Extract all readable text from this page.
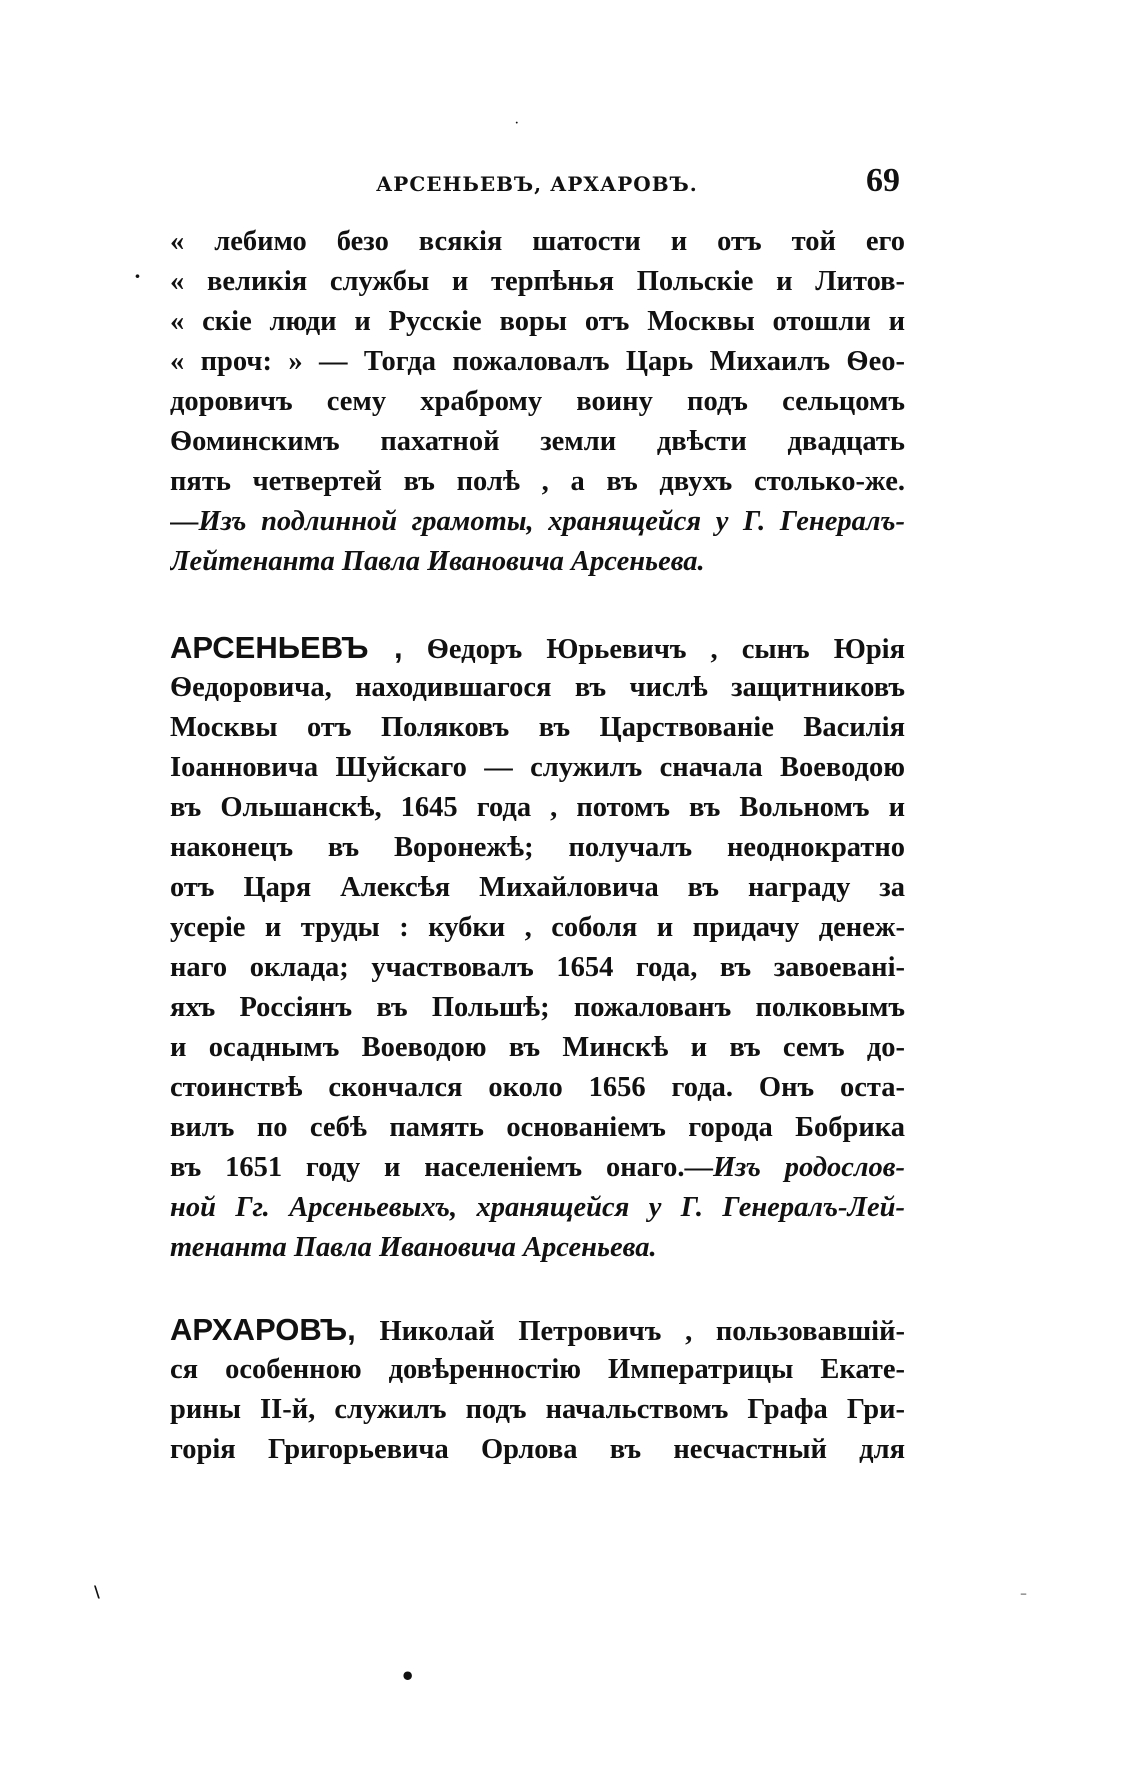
АРСЕНЬЕВЪ, АРХАРОВЪ.	69
« лебимо безо всякія шатости и отъ той его
« великія службы и терпѣнья Польскіе и Литов-
« скіе люди и Русскіе воры отъ Москвы отошли и
« проч: » — Тогда пожаловалъ Царь Михаилъ Ѳео-
доровичъ сему храброму воину подъ сельцомъ
Ѳоминскимъ пахатной земли двѣсти двадцать
пять четвертей въ полѣ , а въ двухъ столько-же.
—Изъ подлинной грамоты, хранящейся у Г. Генералъ-
Лейтенанта Павла Ивановича Арсеньева.
АРСЕНЬЕВЪ , Ѳедоръ Юрьевичъ , сынъ Юрія
Ѳедоровича, находившагося въ числѣ защитниковъ
Москвы отъ Поляковъ въ Царствованіе Василія
Іоанновича Шуйскаго — служилъ сначала Воеводою
въ Ольшанскѣ, 1645 года , потомъ въ Вольномъ и
наконецъ въ Воронежѣ; получалъ неоднократно
отъ Царя Алексѣя Михайловича въ награду за
усеріе и труды : кубки , соболя и придачу денеж-
наго оклада; участвовалъ 1654 года, въ завоевані-
яхъ Россіянъ въ Польшѣ; пожалованъ полковымъ
и осаднымъ Воеводою въ Минскѣ и въ семъ до-
стоинствѣ скончался около 1656 года. Онъ оста-
вилъ по себѣ память основаніемъ города Бобрика
въ 1651 году и населеніемъ онаго.—Изъ родослов-
ной Гг. Арсеньевыхъ, хранящейся у Г. Генералъ-Лей-
тенанта Павла Ивановича Арсеньева.
АРХАРОВЪ, Николай Петровичъ , пользовавшій-
ся особенною довѣренностію Императрицы Екате-
рины II-й, служилъ подъ начальствомъ Графа Гри-
горія Григорьевича Орлова въ несчастный для
·
·
\	–
•
